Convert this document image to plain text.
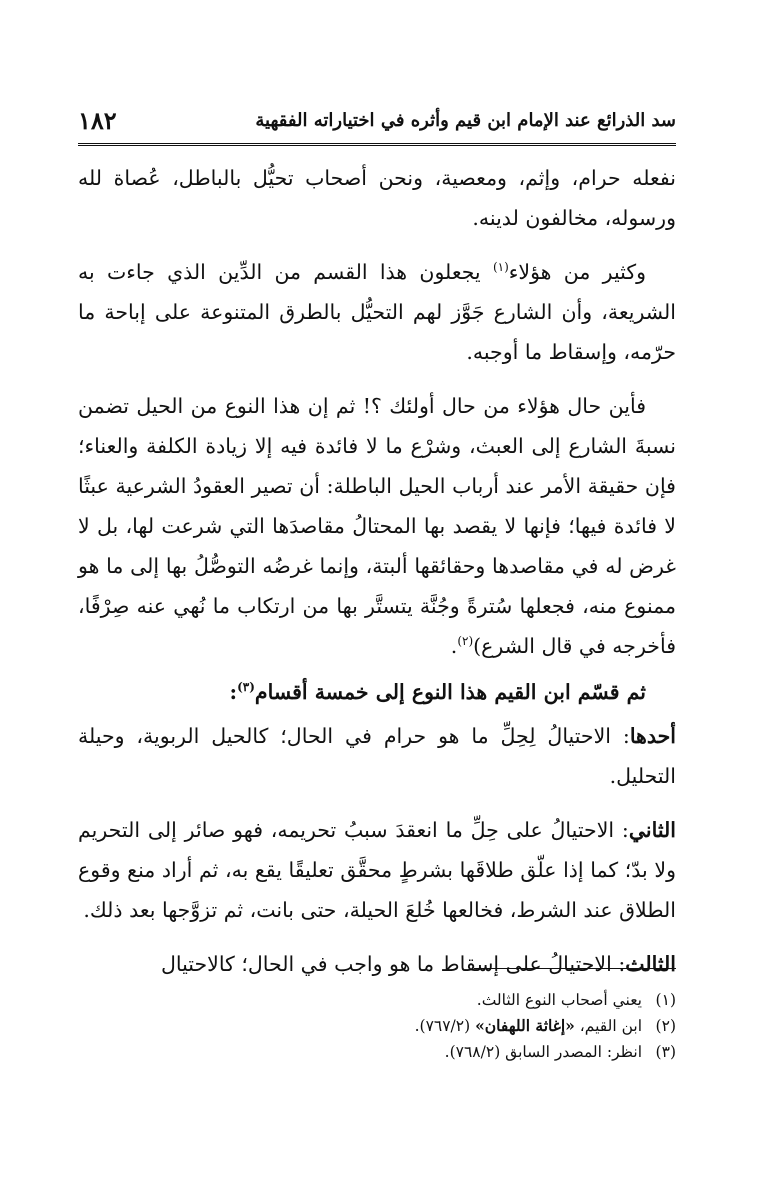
سد الذرائع عند الإمام ابن قيم وأثره في اختياراته الفقهية
١٨٢

نفعله حرام، وإثم، ومعصية، ونحن أصحاب تحيُّل بالباطل، عُصاة لله ورسوله، مخالفون لدينه.

وكثير من هؤلاء$^{(١)}$ يجعلون هذا القسم من الدِّين الذي جاءت به الشريعة، وأن الشارع جَوَّز لهم التحيُّل بالطرق المتنوعة على إباحة ما حرّمه، وإسقاط ما أوجبه.

فأين حال هؤلاء من حال أولئك ؟! ثم إن هذا النوع من الحيل تضمن نسبةَ الشارع إلى العبث، وشرْع ما لا فائدة فيه إلا زيادة الكلفة والعناء؛ فإن حقيقة الأمر عند أرباب الحيل الباطلة: أن تصير العقودُ الشرعية عبثًا لا فائدة فيها؛ فإنها لا يقصد بها المحتالُ مقاصدَها التي شرعت لها، بل لا غرض له في مقاصدها وحقائقها ألبتة، وإنما غرضُه التوصُّلُ بها إلى ما هو ممنوع منه، فجعلها سُترةً وجُنَّة يتستَّر بها من ارتكاب ما نُهي عنه صِرْفًا، فأخرجه في قال الشرع)$^{(٢)}$.

ثم قسّم ابن القيم هذا النوع إلى خمسة أقسام$^{(٣)}$:

أحدها: الاحتيالُ لِحِلِّ ما هو حرام في الحال؛ كالحيل الربوية، وحيلة التحليل.

الثاني: الاحتيالُ على حِلِّ ما انعقدَ سببُ تحريمه، فهو صائر إلى التحريم ولا بدّ؛ كما إذا علّق طلاقَها بشرطٍ محقَّق تعليقًا يقع به، ثم أراد منع وقوع الطلاق عند الشرط، فخالعها خُلعَ الحيلة، حتى بانت، ثم تزوَّجها بعد ذلك.

الثالث: الاحتيالُ على إسقاط ما هو واجب في الحال؛ كالاحتيال

(١)
يعني أصحاب النوع الثالث.
(٢)
ابن القيم، «إغاثة اللهفان» (٧٦٧/٢).
(٣)
انظر: المصدر السابق (٧٦٨/٢).
